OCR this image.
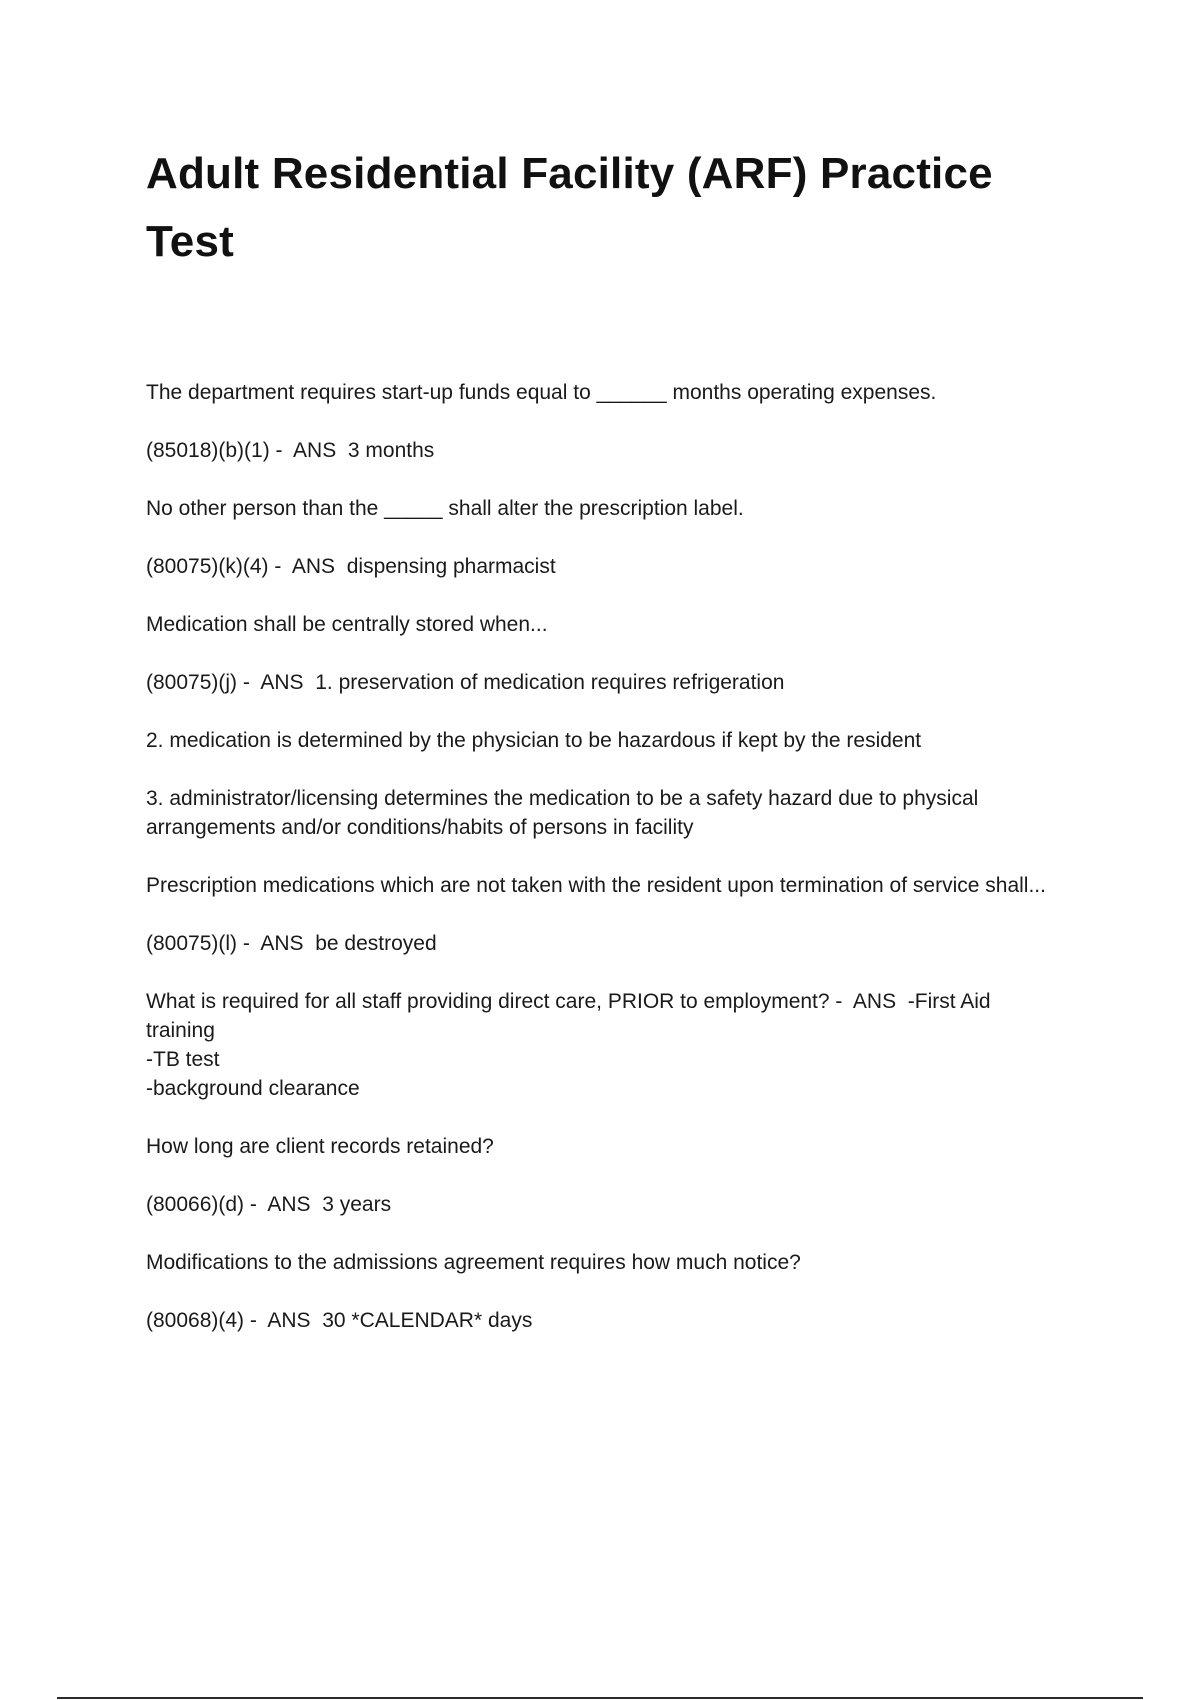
Adult Residential Facility (ARF) Practice Test

The department requires start-up funds equal to ______ months operating expenses.

(85018)(b)(1) -  ANS  3 months

No other person than the _____ shall alter the prescription label.

(80075)(k)(4) -  ANS  dispensing pharmacist

Medication shall be centrally stored when...

(80075)(j) -  ANS  1. preservation of medication requires refrigeration

2. medication is determined by the physician to be hazardous if kept by the resident

3. administrator/licensing determines the medication to be a safety hazard due to physical arrangements and/or conditions/habits of persons in facility

Prescription medications which are not taken with the resident upon termination of service shall...

(80075)(l) -  ANS  be destroyed

What is required for all staff providing direct care, PRIOR to employment? -  ANS  -First Aid training
-TB test
-background clearance

How long are client records retained?

(80066)(d) -  ANS  3 years

Modifications to the admissions agreement requires how much notice?

(80068)(4) -  ANS  30 *CALENDAR* days
